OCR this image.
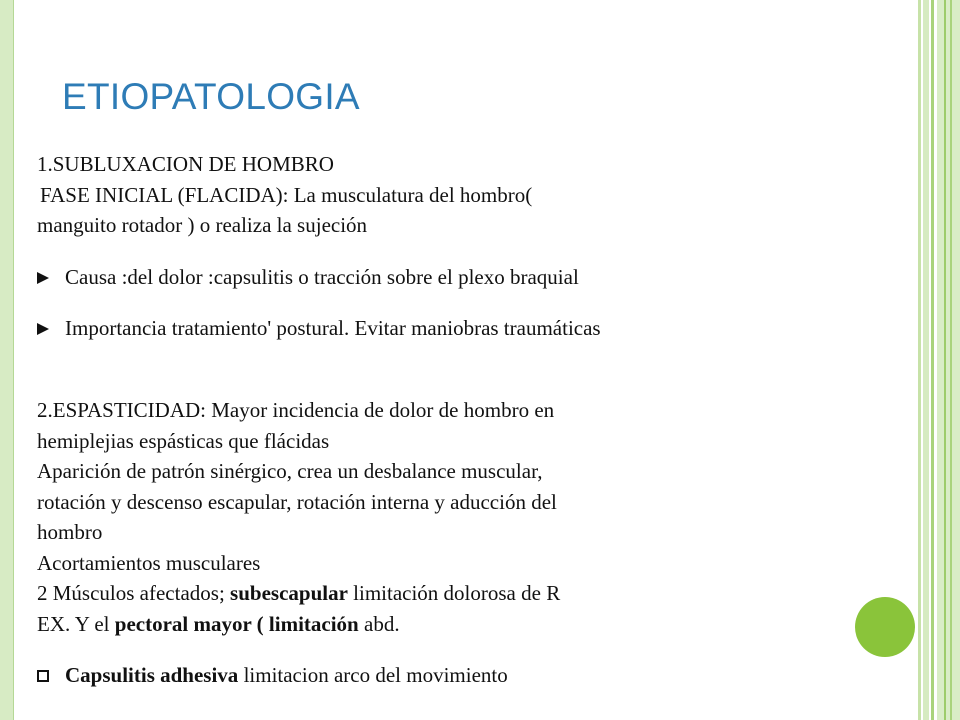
ETIOPATOLOGIA

1.SUBLUXACION DE HOMBRO

FASE INICIAL (FLACIDA): La musculatura del hombro(

manguito rotador ) o realiza la sujeción

Causa :del dolor :capsulitis o tracción sobre el plexo braquial

Importancia tratamiento' postural. Evitar maniobras traumáticas

2.ESPASTICIDAD: Mayor incidencia de dolor de hombro en

hemiplejias espásticas que flácidas

Aparición de patrón sinérgico, crea un desbalance muscular,

rotación y descenso escapular, rotación interna y aducción del

hombro

Acortamientos musculares

2 Músculos afectados; subescapular limitación dolorosa de R

EX. Y el pectoral mayor ( limitación abd.

Capsulitis adhesiva limitacion arco del movimiento
